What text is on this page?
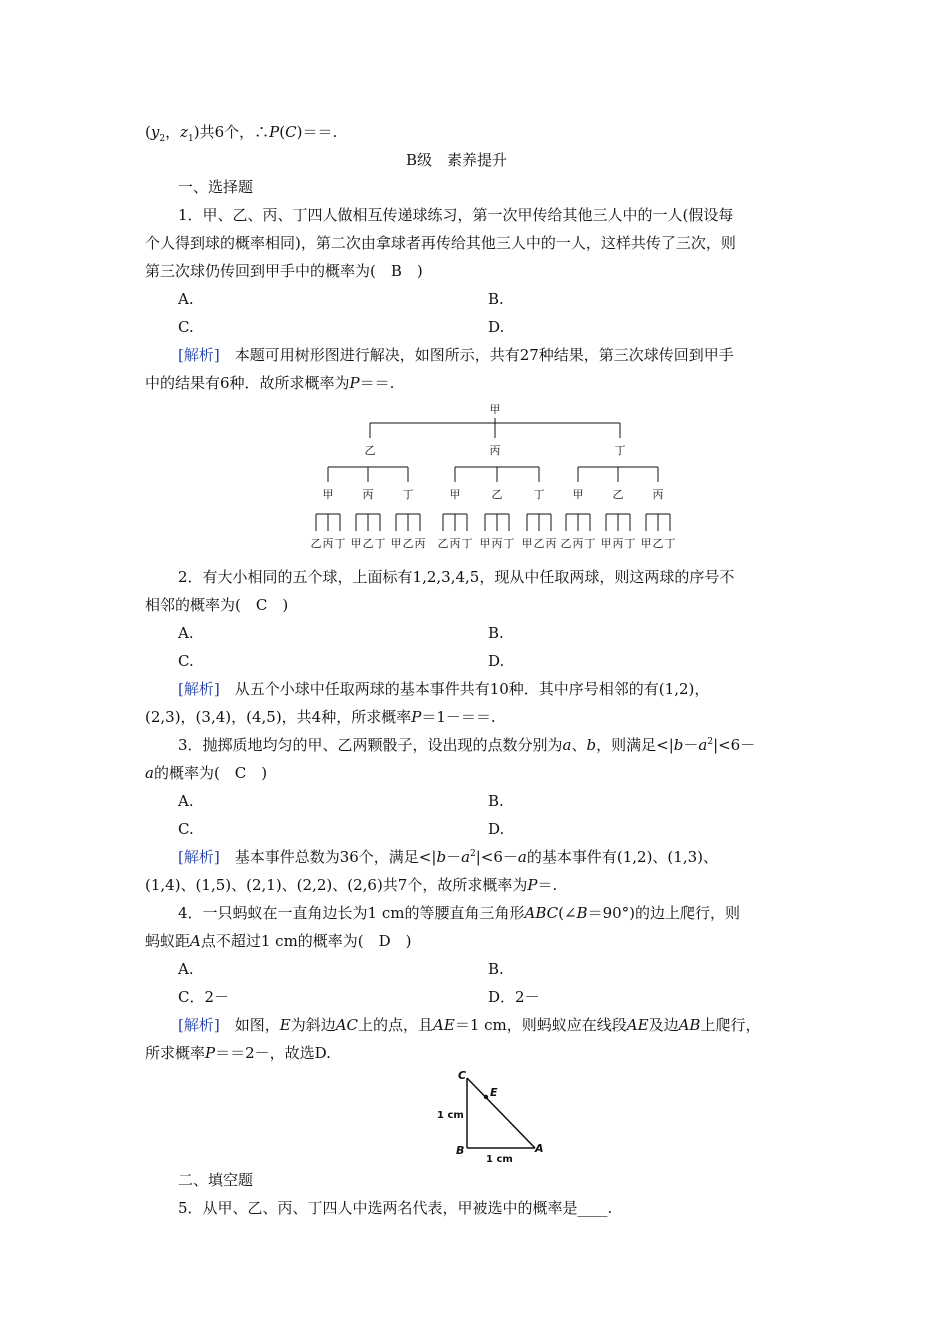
($y_2$，$z_1$)共6个，∴P(C)＝＝.
B级　素养提升
一、选择题
1．甲、乙、丙、丁四人做相互传递球练习，第一次甲传给其他三人中的一人(假设每
个人得到球的概率相同)，第二次由拿球者再传给其他三人中的一人，这样共传了三次，则
第三次球仍传回到甲手中的概率为(　B　)
A.	B.
C.	D.
[解析]　本题可用树形图进行解决，如图所示，共有27种结果，第三次球传回到甲手
中的结果有6种．故所求概率为P＝＝.
甲
乙	丙	丁
甲	丙	丁	甲	乙	丁	甲	乙	丙
乙 丙 丁 甲 乙 丁 甲 乙 丙 乙 丙 丁 甲 丙 丁 甲 乙 丙 乙 丙 丁 甲 丙 丁 甲 乙 丁
2．有大小相同的五个球，上面标有1,2,3,4,5，现从中任取两球，则这两球的序号不
相邻的概率为(　C　)
A.	B.
C.	D.
[解析]　从五个小球中任取两球的基本事件共有10种．其中序号相邻的有(1,2)，
(2,3)，(3,4)，(4,5)，共4种，所求概率P＝1－＝＝.
3．抛掷质地均匀的甲、乙两颗骰子，设出现的点数分别为a、b，则满足$<|b-a^2|<6-$
a的概率为(　C　)
A.	B.
C.	D.
[解析]　基本事件总数为36个，满足$<|b-a^2|<6-a$的基本事件有(1,2)、(1,3)、
(1,4)、(1,5)、(2,1)、(2,2)、(2,6)共7个，故所求概率为P＝.
4．一只蚂蚁在一直角边长为1 cm的等腰直角三角形ABC(∠B＝90°)的边上爬行，则
蚂蚁距A点不超过1 cm的概率为(　D　)
A.	B.
C．2－	D．2－
[解析]　如图，E为斜边AC上的点，且AE＝1 cm，则蚂蚁应在线段AE及边AB上爬行，
所求概率P＝＝2－，故选D.
C
E
B	A
1 cm
1 cm
二、填空题
5．从甲、乙、丙、丁四人中选两名代表，甲被选中的概率是____.
